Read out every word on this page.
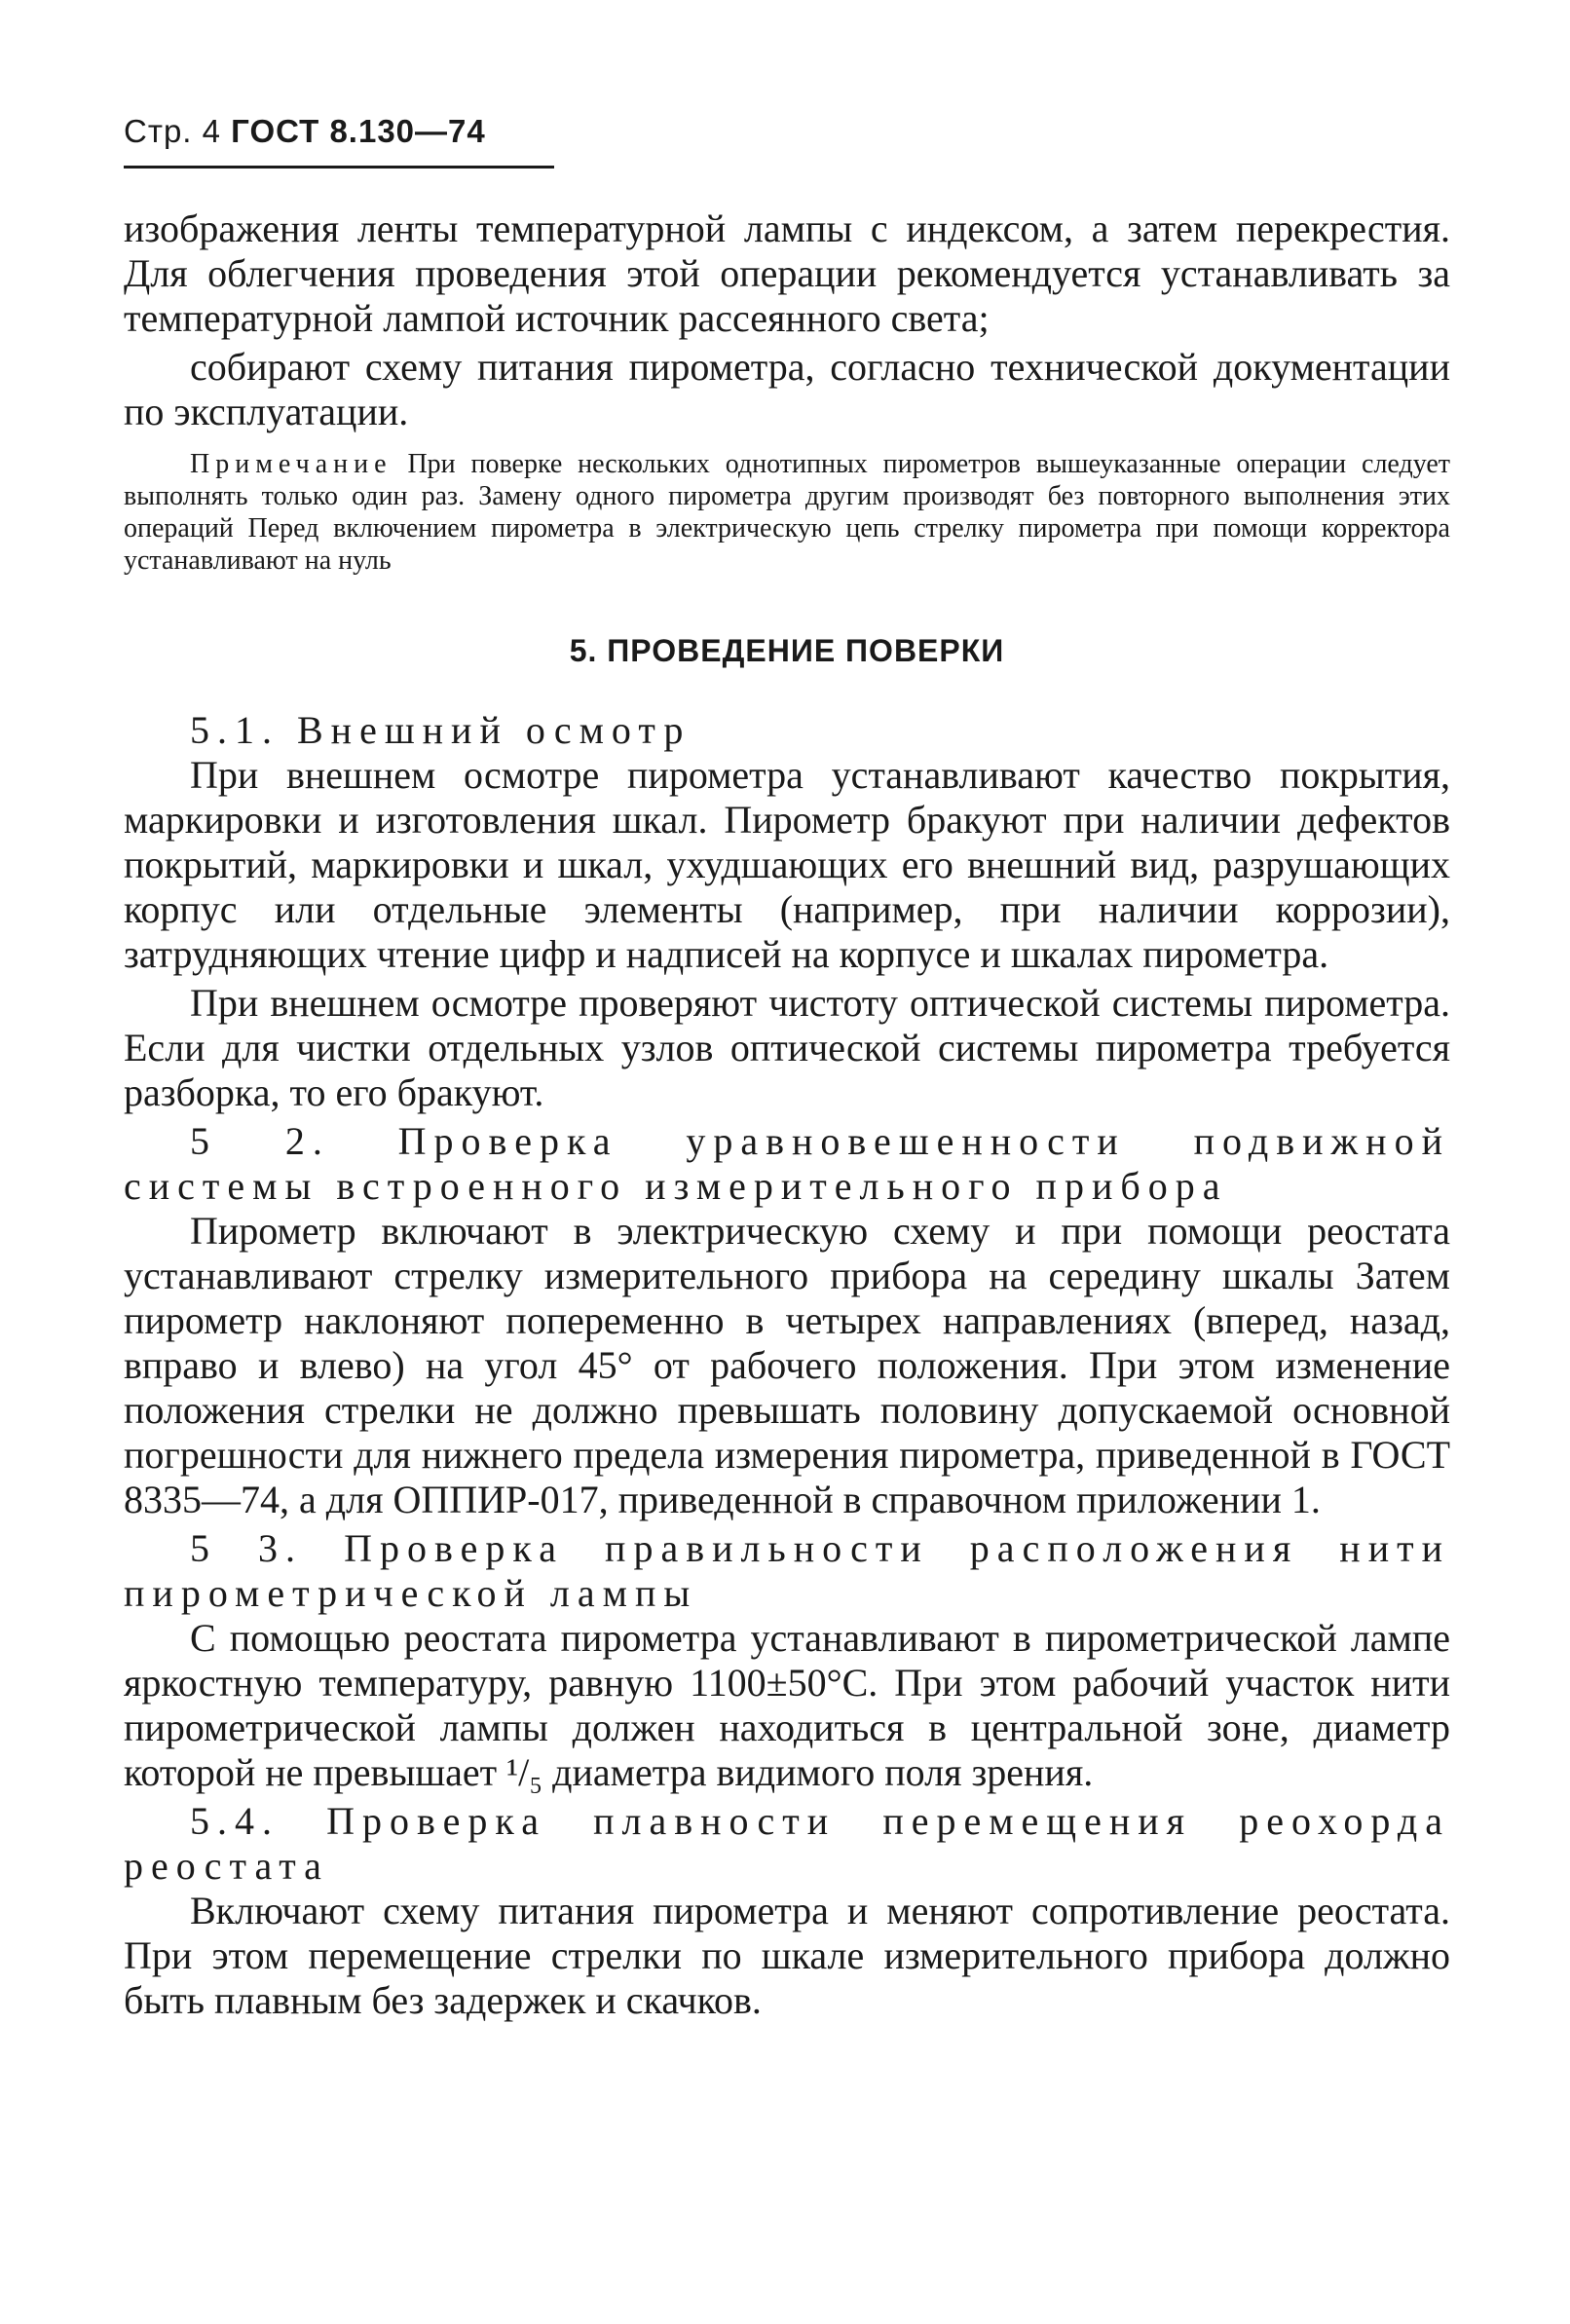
Стр. 4 ГОСТ 8.130—74

изображения ленты температурной лампы с индексом, а затем перекрестия. Для облегчения проведения этой операции рекомендуется устанавливать за температурной лампой источник рассеянного света;

собирают схему питания пирометра, согласно технической документации по эксплуатации.

Примечание При поверке нескольких однотипных пирометров вышеуказанные операции следует выполнять только один раз. Замену одного пирометра другим производят без повторного выполнения этих операций Перед включением пирометра в электрическую цепь стрелку пирометра при помощи корректора устанавливают на нуль

5. ПРОВЕДЕНИЕ ПОВЕРКИ

5.1. Внешний осмотр

При внешнем осмотре пирометра устанавливают качество покрытия, маркировки и изготовления шкал. Пирометр бракуют при наличии дефектов покрытий, маркировки и шкал, ухудшающих его внешний вид, разрушающих корпус или отдельные элементы (например, при наличии коррозии), затрудняющих чтение цифр и надписей на корпусе и шкалах пирометра.

При внешнем осмотре проверяют чистоту оптической системы пирометра. Если для чистки отдельных узлов оптической системы пирометра требуется разборка, то его бракуют.

5 2. Проверка уравновешенности подвижной системы встроенного измерительного прибора

Пирометр включают в электрическую схему и при помощи реостата устанавливают стрелку измерительного прибора на середину шкалы Затем пирометр наклоняют попеременно в четырех направлениях (вперед, назад, вправо и влево) на угол 45° от рабочего положения. При этом изменение положения стрелки не должно превышать половину допускаемой основной погрешности для нижнего предела измерения пирометра, приведенной в ГОСТ 8335—74, а для ОППИР-017, приведенной в справочном приложении 1.

5 3. Проверка правильности расположения нити пирометрической лампы

С помощью реостата пирометра устанавливают в пирометрической лампе яркостную температуру, равную 1100±50°С. При этом рабочий участок нити пирометрической лампы должен находиться в центральной зоне, диаметр которой не превышает ¹/₅ диаметра видимого поля зрения.

5.4. Проверка плавности перемещения реохорда реостата

Включают схему питания пирометра и меняют сопротивление реостата. При этом перемещение стрелки по шкале измерительного прибора должно быть плавным без задержек и скачков.
